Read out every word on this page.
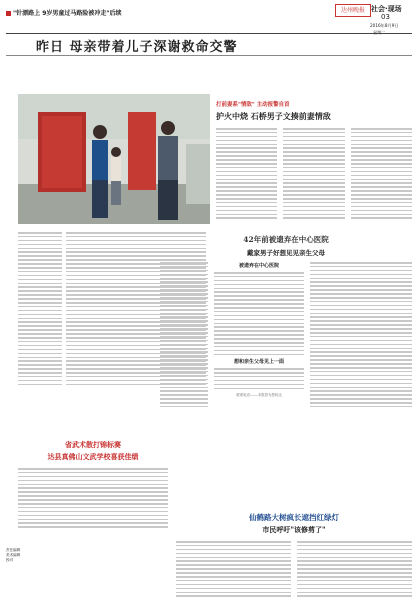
"针漂路上 9岁男童过马路险被冲走"后续	达州晚报 社会·现场
03
2016年8月9日
昨日 母亲带着儿子深谢救命交警
打前妻系"情敌" 主动报警自首
护火中烧 石桥男子文揍前妻情敌
42年前被遗弃在中心医院
戴家男子好想见见亲生父母
被遗弃在中心医院
想和亲生父母见上一面
联系电话:——本报将为您转达
省武术散打锦标赛
达县真佛山文武学校喜获佳绩
仙鹤路大树疯长遮挡红绿灯
市民呼吁"该修剪了"
责任编辑
美术编辑
校对
